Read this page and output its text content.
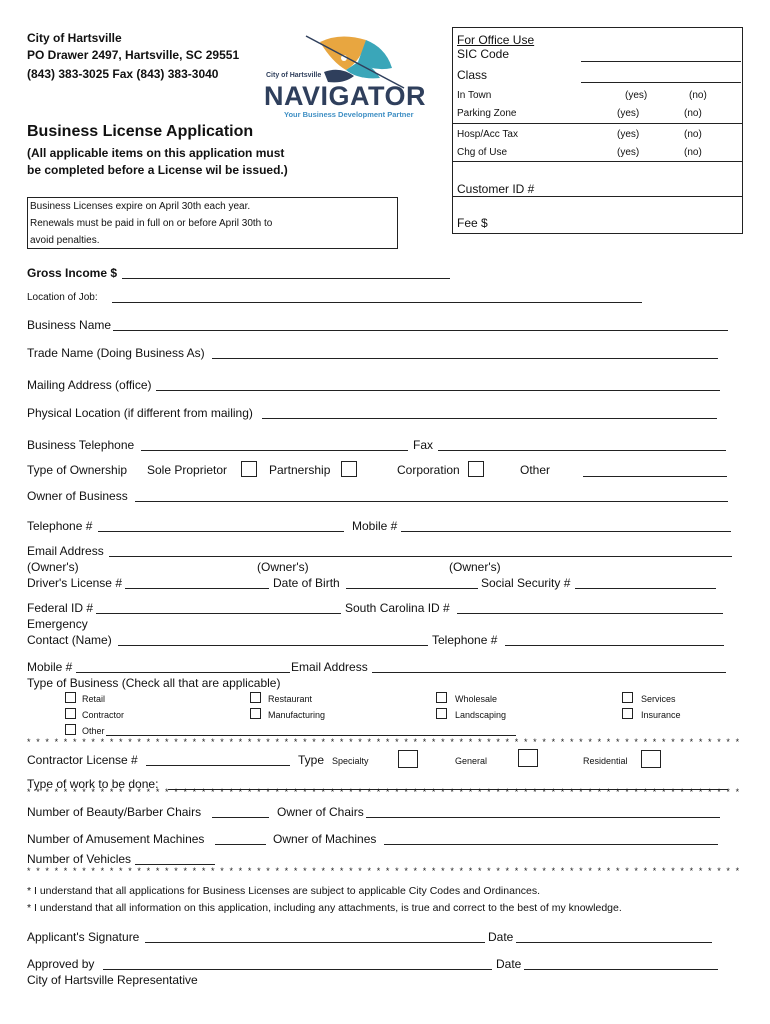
City of Hartsville
PO Drawer 2497, Hartsville, SC 29551
(843) 383-3025 Fax (843) 383-3040	City of Hartsville
NAVIGATOR
Your Business Development Partner
Business License Application
(All applicable items on this application must
be completed before a License wil be issued.)
Business Licenses expire on April 30th each year.
Renewals must be paid in full on or before April 30th to
avoid penalties.
For Office Use
SIC Code
Class
In Town	(yes)	(no)
Parking Zone	(yes)	(no)
Hosp/Acc Tax	(yes)	(no)
Chg of Use	(yes)	(no)
Customer ID #
Fee $
Gross Income $
Location of Job:
Business Name
Trade Name (Doing Business As)
Mailing Address (office)
Physical Location (if different from mailing)
Business Telephone	Fax
Type of Ownership Sole Proprietor	Partnership	Corporation	Other
Owner of Business
Telephone #	Mobile #
Email Address
(Owner's)	(Owner's)	(Owner's)
Driver's License #	Date of Birth	Social Security #
Federal ID #	South Carolina ID #
Emergency
Contact (Name)	Telephone #
Mobile #	Email Address
Type of Business (Check all that are applicable)
Retail	Restaurant	Wholesale	Services
Contractor	Manufacturing	Landscaping	Insurance
Other
* * * * * * * * * * * * * * * * * * * * * * * * * * * * * * * * * * * * * * * * * * * * * * * * * * * * * * * * * * * * * * * * * * * * * * * * * * * * * *
Contractor License #	Type Specialty	General	Residential
Type of work to be done:
* * * * * * * * * * * * * * * * * * * * * * * * * * * * * * * * * * * * * * * * * * * * * * * * * * * * * * * * * * * * * * * * * * * * * * * * * * * * * *
Number of Beauty/Barber Chairs	Owner of Chairs
Number of Amusement Machines	Owner of Machines
Number of Vehicles
* * * * * * * * * * * * * * * * * * * * * * * * * * * * * * * * * * * * * * * * * * * * * * * * * * * * * * * * * * * * * * * * * * * * * * * * * * * * * *
* I understand that all applications for Business Licenses are subject to applicable City Codes and Ordinances.
* I understand that all information on this application, including any attachments, is true and correct to the best of my knowledge.
Applicant's Signature	Date
Approved by	Date
City of Hartsville Representative
